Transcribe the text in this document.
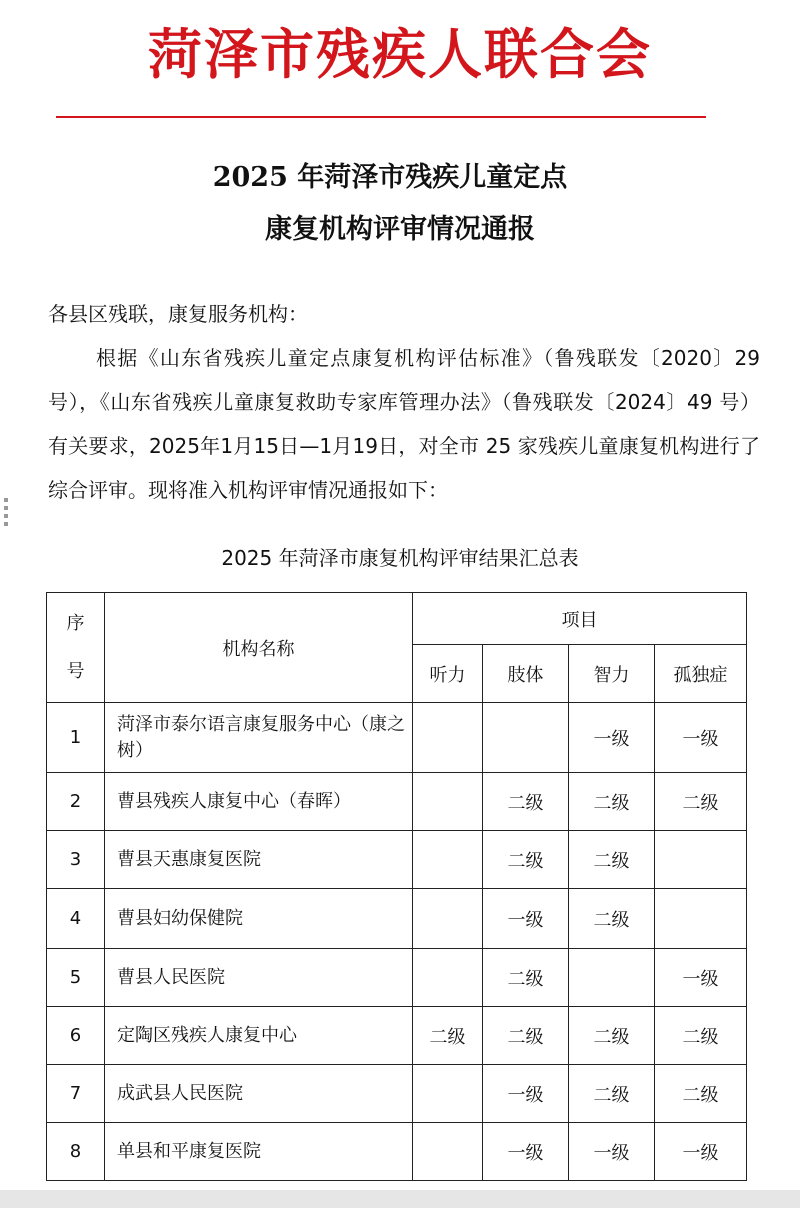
菏泽市残疾人联合会
2025 年菏泽市残疾儿童定点
康复机构评审情况通报
各县区残联，康复服务机构：
根据《山东省残疾儿童定点康复机构评估标准》（鲁残联发〔2020〕29 号），《山东省残疾儿童康复救助专家库管理办法》（鲁残联发〔2024〕49 号）有关要求，2025年1月15日—1月19日，对全市 25 家残疾儿童康复机构进行了综合评审。现将准入机构评审情况通报如下：
2025 年菏泽市康复机构评审结果汇总表
序
号	机构名称	项目			
		听力	肢体	智力	孤独症
1	菏泽市泰尔语言康复服务中心（康之树）			一级	一级
2	曹县残疾人康复中心（春晖）		二级	二级	二级
3	曹县天惠康复医院		二级	二级	
4	曹县妇幼保健院		一级	二级	
5	曹县人民医院		二级		一级
6	定陶区残疾人康复中心	二级	二级	二级	二级
7	成武县人民医院		一级	二级	二级
8	单县和平康复医院		一级	一级	一级
